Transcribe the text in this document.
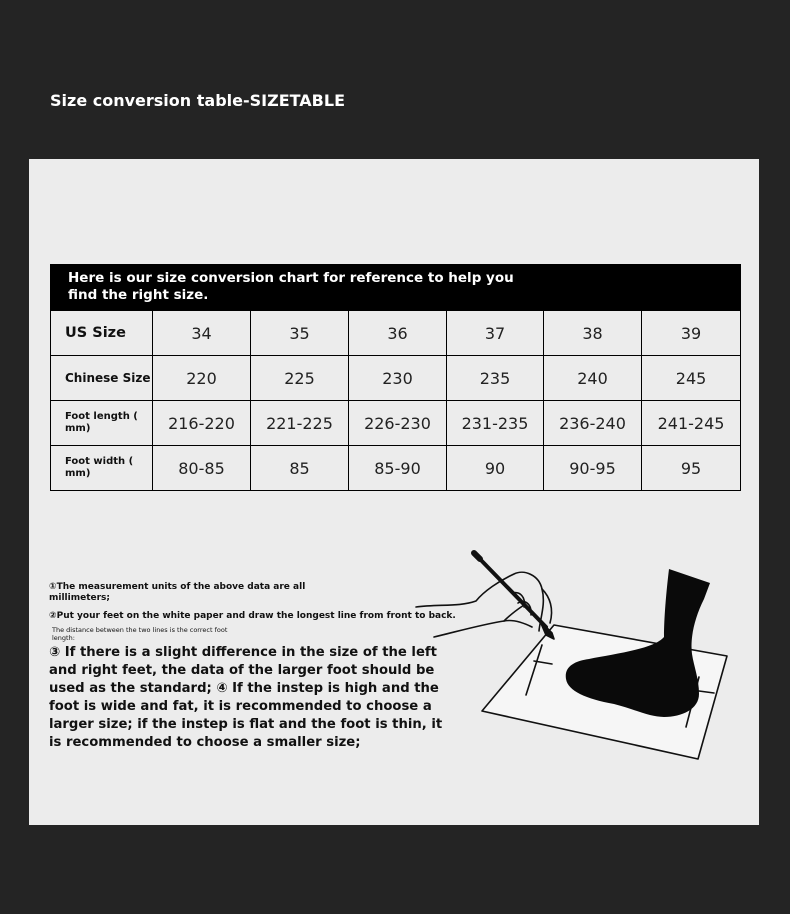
Size conversion table-SIZETABLE
Here is our size conversion chart for reference to help you find the right size.						

US Size	34	35	36	37	38	39
Chinese Size	220	225	230	235	240	245
Foot length ( mm)	216-220	221-225	226-230	231-235	236-240	241-245
Foot width ( mm)	80-85	85	85-90	90	90-95	95
①The measurement units of the above data are all millimeters;
②Put your feet on the white paper and draw the longest line from front to back.
The distance between the two lines is the correct foot length:
③ If there is a slight difference in the size of the left and right feet, the data of the larger foot should be used as the standard; ④ If the instep is high and the foot is wide and fat, it is recommended to choose a larger size; if the instep is flat and the foot is thin, it is recommended to choose a smaller size;
